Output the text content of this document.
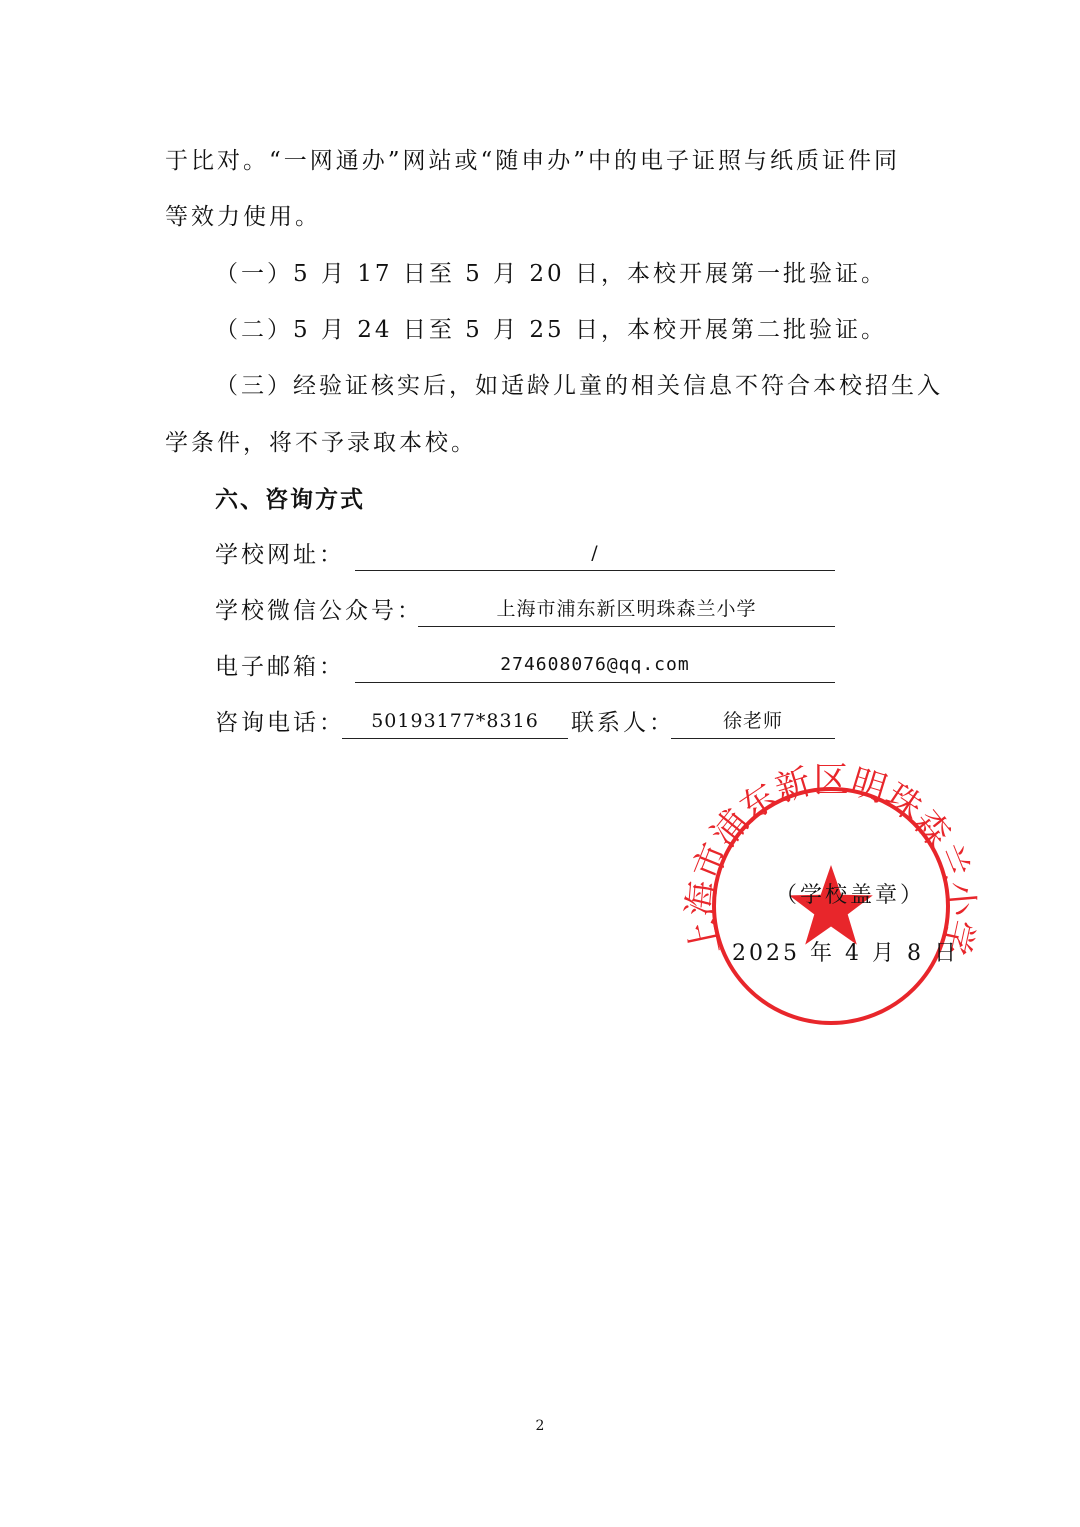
于比对。“一网通办”网站或“随申办”中的电子证照与纸质证件同

等效力使用。

（一）5 月 17 日至 5 月 20 日，本校开展第一批验证。

（二）5 月 24 日至 5 月 25 日，本校开展第二批验证。

（三）经验证核实后，如适龄儿童的相关信息不符合本校招生入

学条件，将不予录取本校。

六、咨询方式

学校网址：	/
学校微信公众号：	上海市浦东新区明珠森兰小学
电子邮箱：	274608076@qq.com
咨询电话：	50193177*8316	联系人：	徐老师
上海市浦东新区明珠森兰小学
（学校盖章）
2025 年 4 月 8 日
2
